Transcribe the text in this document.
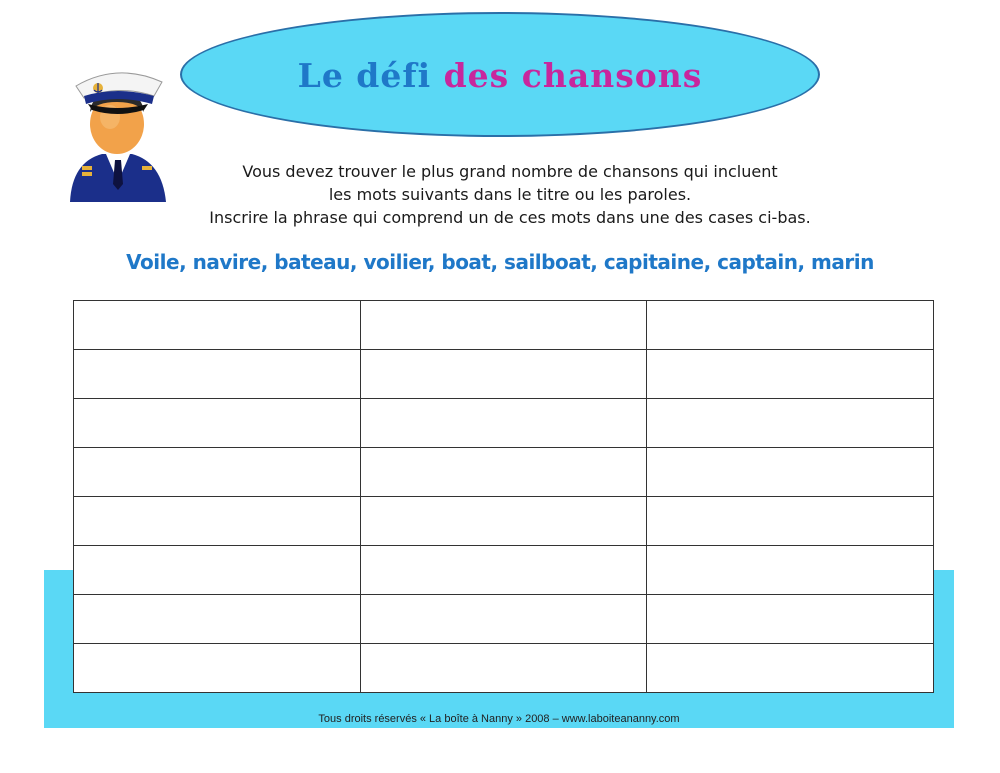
Le défi des chansons
Vous devez trouver le plus grand nombre de chansons qui incluent
les mots suivants dans le titre ou les paroles.
Inscrire la phrase qui comprend un de ces mots dans une des cases ci-bas.
Voile, navire, bateau, voilier, boat, sailboat, capitaine, captain, marin

Tous droits réservés « La boîte à Nanny » 2008 – www.laboiteananny.com
